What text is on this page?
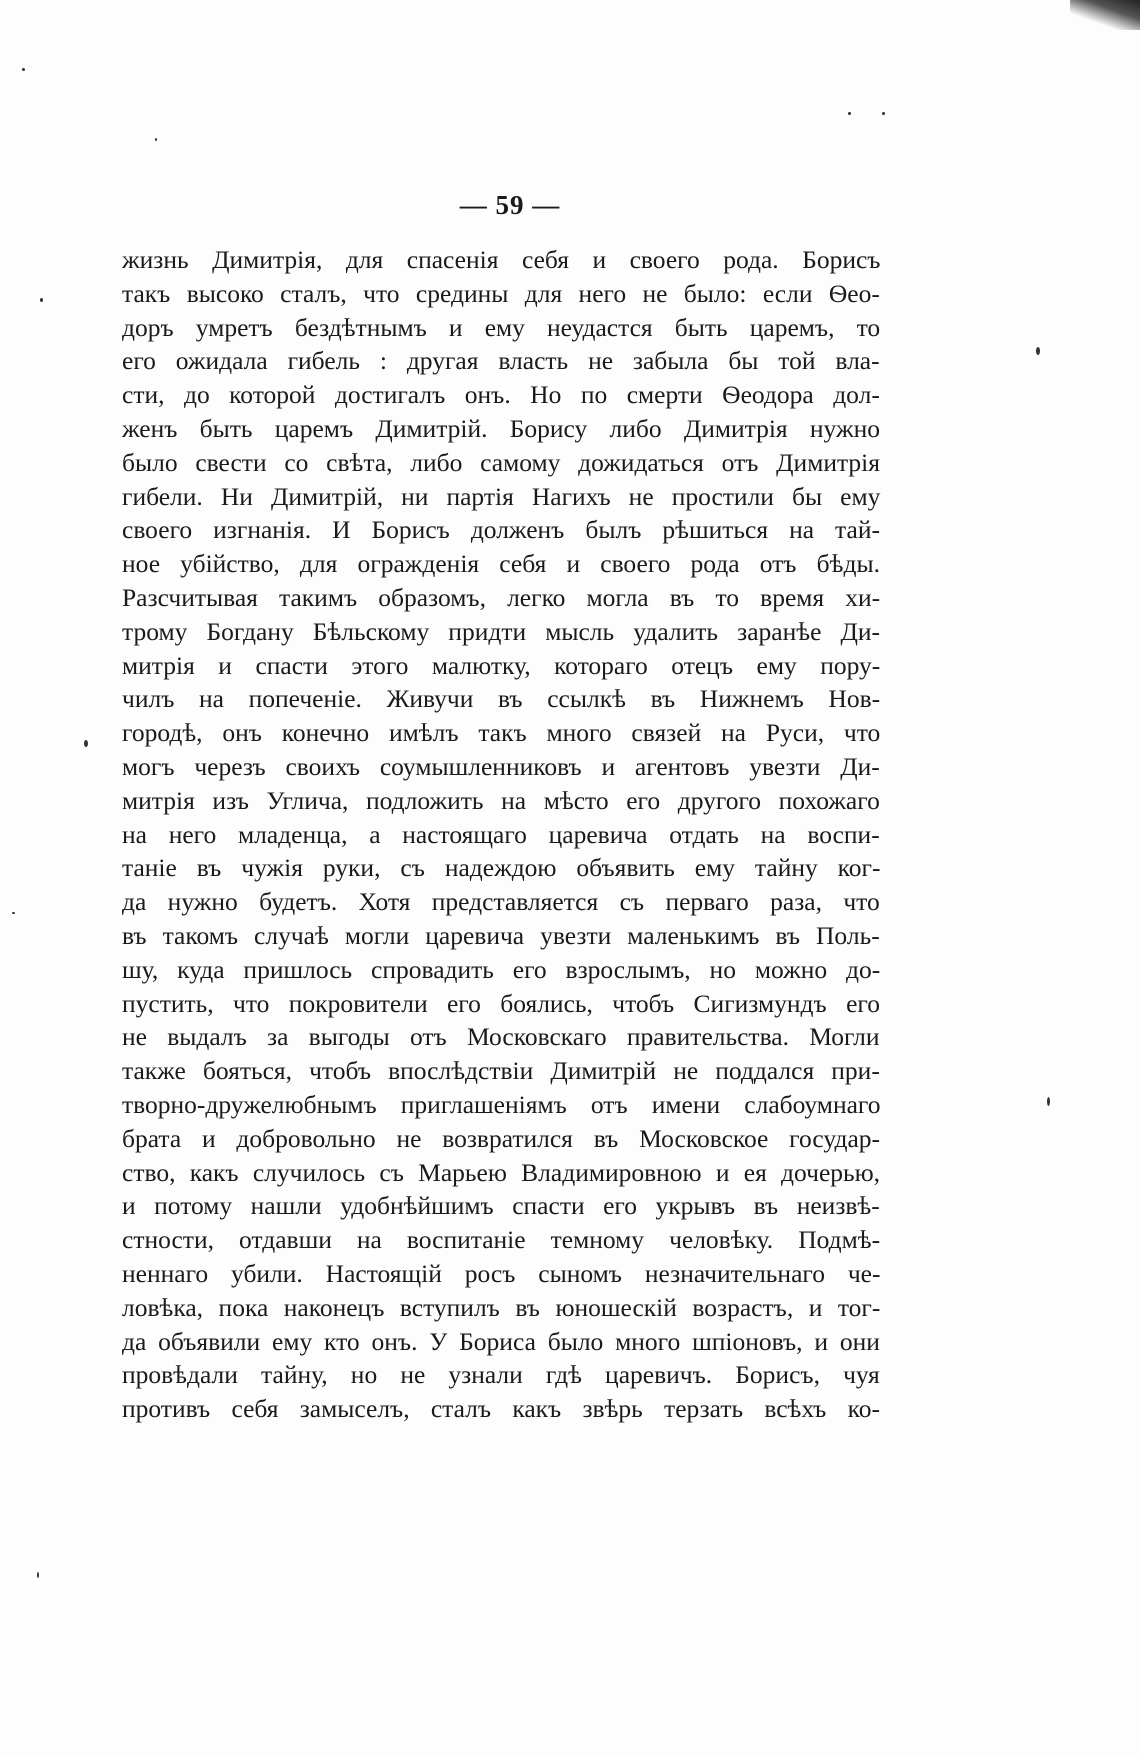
— 59 —
жизнь Димитрія, для спасенія себя и своего рода. Борисъ
такъ высоко сталъ, что средины для него не было: если Ѳео-
доръ умретъ бездѣтнымъ и ему неудастся быть царемъ, то
его ожидала гибель : другая власть не забыла бы той вла-
сти, до которой достигалъ онъ. Но по смерти Ѳеодора дол-
женъ быть царемъ Димитрій. Борису либо Димитрія нужно
было свести со свѣта, либо самому дожидаться отъ Димитрія
гибели. Ни Димитрій, ни партія Нагихъ не простили бы ему
своего изгнанія. И Борисъ долженъ былъ рѣшиться на тай-
ное убійство, для огражденія себя и своего рода отъ бѣды.
Разсчитывая такимъ образомъ, легко могла въ то время хи-
трому Богдану Бѣльскому придти мысль удалить заранѣе Ди-
митрія и спасти этого малютку, котораго отецъ ему пору-
чилъ на попеченіе. Живучи въ ссылкѣ въ Нижнемъ Нов-
городѣ, онъ конечно имѣлъ такъ много связей на Руси, что
могъ черезъ своихъ соумышленниковъ и агентовъ увезти Ди-
митрія изъ Углича, подложить на мѣсто его другого похожаго
на него младенца, а настоящаго царевича отдать на воспи-
таніе въ чужія руки, съ надеждою объявить ему тайну ког-
да нужно будетъ. Хотя представляется съ перваго раза, что
въ такомъ случаѣ могли царевича увезти маленькимъ въ Поль-
шу, куда пришлось спровадить его взрослымъ, но можно до-
пустить, что покровители его боялись, чтобъ Сигизмундъ его
не выдалъ за выгоды отъ Московскаго правительства. Могли
также бояться, чтобъ впослѣдствіи Димитрій не поддался при-
творно-дружелюбнымъ приглашеніямъ отъ имени слабоумнаго
брата и добровольно не возвратился въ Московское государ-
ство, какъ случилось съ Марьею Владимировною и ея дочерью,
и потому нашли удобнѣйшимъ спасти его укрывъ въ неизвѣ-
стности, отдавши на воспитаніе темному человѣку. Подмѣ-
неннаго убили. Настоящій росъ сыномъ незначительнаго че-
ловѣка, пока наконецъ вступилъ въ юношескій возрастъ, и тог-
да объявили ему кто онъ. У Бориса было много шпіоновъ, и они
провѣдали тайну, но не узнали гдѣ царевичъ. Борисъ, чуя
противъ себя замыселъ, сталъ какъ звѣрь терзать всѣхъ ко-
